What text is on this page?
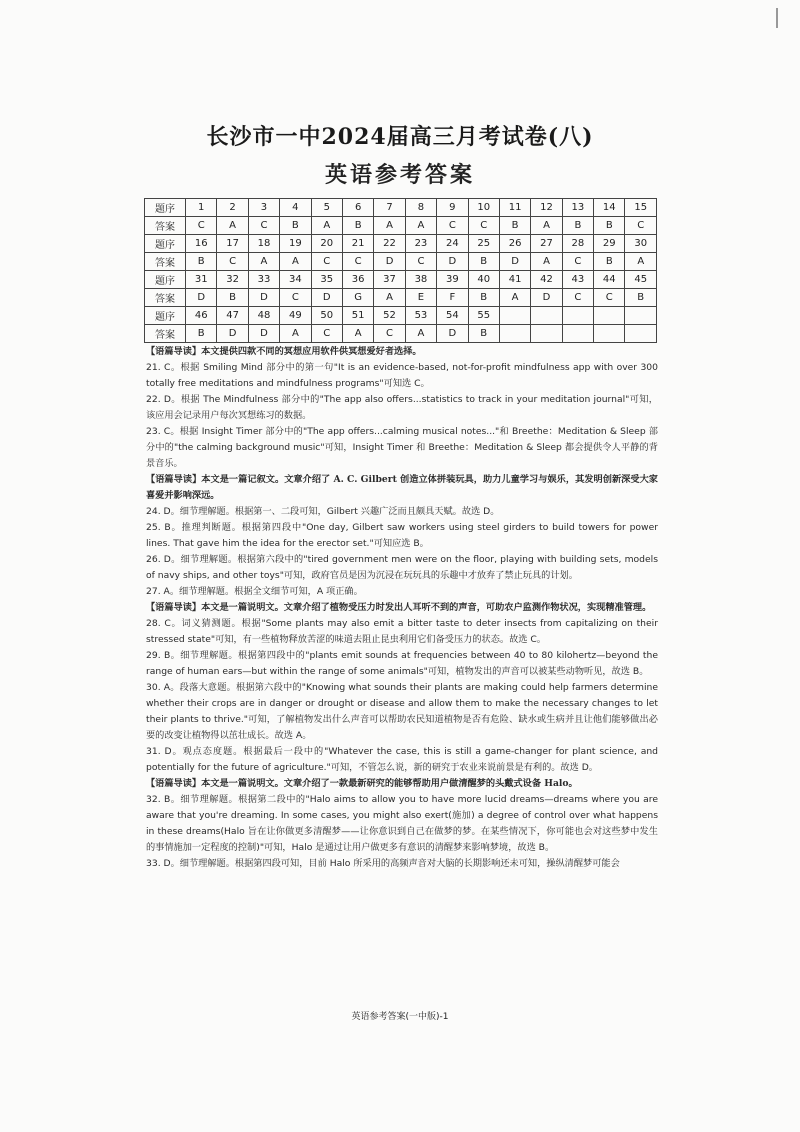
长沙市一中2024届高三月考试卷(八)
英语参考答案
题序	1	2	3	4	5	6	7	8	9	10	11	12	13	14	15
答案	C	A	C	B	A	B	A	A	C	C	B	A	B	B	C
题序	16	17	18	19	20	21	22	23	24	25	26	27	28	29	30
答案	B	C	A	A	C	C	D	C	D	B	D	A	C	B	A
题序	31	32	33	34	35	36	37	38	39	40	41	42	43	44	45
答案	D	B	D	C	D	G	A	E	F	B	A	D	C	C	B
题序	46	47	48	49	50	51	52	53	54	55					
答案	B	D	D	A	C	A	C	A	D	B					

【语篇导读】本文提供四款不同的冥想应用软件供冥想爱好者选择。

21. C。根据 Smiling Mind 部分中的第一句"It is an evidence-based, not-for-profit mindfulness app with over 300 totally free meditations and mindfulness programs"可知选 C。

22. D。根据 The Mindfulness 部分中的"The app also offers...statistics to track in your meditation journal"可知，该应用会记录用户每次冥想练习的数据。

23. C。根据 Insight Timer 部分中的"The app offers...calming musical notes..."和 Breethe：Meditation & Sleep 部分中的"the calming background music"可知，Insight Timer 和 Breethe：Meditation & Sleep 都会提供令人平静的背景音乐。

【语篇导读】本文是一篇记叙文。文章介绍了 A. C. Gilbert 创造立体拼装玩具，助力儿童学习与娱乐，其发明创新深受大家喜爱并影响深远。

24. D。细节理解题。根据第一、二段可知，Gilbert 兴趣广泛而且颇具天赋。故选 D。

25. B。推理判断题。根据第四段中"One day, Gilbert saw workers using steel girders to build towers for power lines. That gave him the idea for the erector set."可知应选 B。

26. D。细节理解题。根据第六段中的"tired government men were on the floor, playing with building sets, models of navy ships, and other toys"可知，政府官员是因为沉浸在玩玩具的乐趣中才放弃了禁止玩具的计划。

27. A。细节理解题。根据全文细节可知，A 项正确。

【语篇导读】本文是一篇说明文。文章介绍了植物受压力时发出人耳听不到的声音，可助农户监测作物状况，实现精准管理。

28. C。词义猜测题。根据"Some plants may also emit a bitter taste to deter insects from capitalizing on their stressed state"可知，有一些植物释放苦涩的味道去阻止昆虫利用它们备受压力的状态。故选 C。

29. B。细节理解题。根据第四段中的"plants emit sounds at frequencies between 40 to 80 kilohertz—beyond the range of human ears—but within the range of some animals"可知，植物发出的声音可以被某些动物听见，故选 B。

30. A。段落大意题。根据第六段中的"Knowing what sounds their plants are making could help farmers determine whether their crops are in danger or drought or disease and allow them to make the necessary changes to let their plants to thrive."可知，了解植物发出什么声音可以帮助农民知道植物是否有危险、缺水或生病并且让他们能够做出必要的改变让植物得以茁壮成长。故选 A。

31. D。观点态度题。根据最后一段中的"Whatever the case, this is still a game-changer for plant science, and potentially for the future of agriculture."可知，不管怎么说，新的研究于农业来说前景是有利的。故选 D。

【语篇导读】本文是一篇说明文。文章介绍了一款最新研究的能够帮助用户做清醒梦的头戴式设备 Halo。

32. B。细节理解题。根据第二段中的"Halo aims to allow you to have more lucid dreams—dreams where you are aware that you're dreaming. In some cases, you might also exert(施加) a degree of control over what happens in these dreams(Halo 旨在让你做更多清醒梦——让你意识到自己在做梦的梦。在某些情况下，你可能也会对这些梦中发生的事情施加一定程度的控制)"可知，Halo 是通过让用户做更多有意识的清醒梦来影响梦境，故选 B。

33. D。细节理解题。根据第四段可知，目前 Halo 所采用的高频声音对大脑的长期影响还未可知，操纵清醒梦可能会

英语参考答案(一中版)-1
